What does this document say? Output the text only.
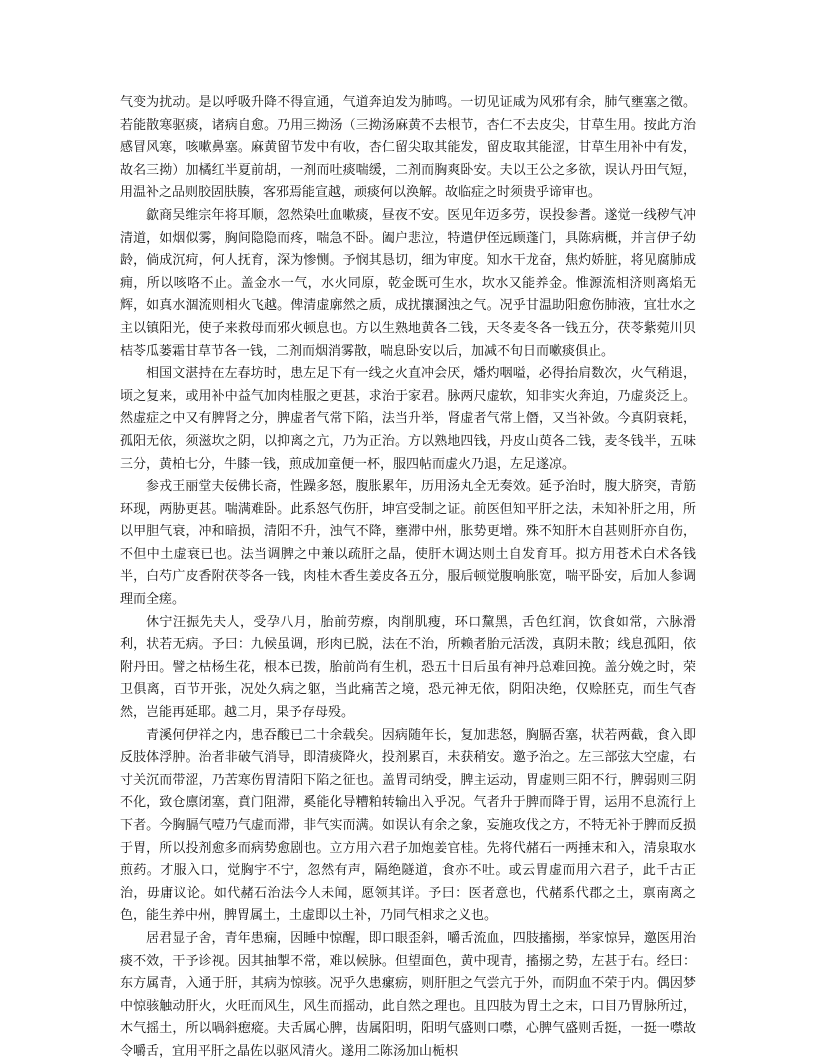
气变为扰动。是以呼吸升降不得宣通，气道奔迫发为肺鸣。一切见证咸为风邪有余，肺气壅塞之徵。若能散寒驱痰，诸病自愈。乃用三拗汤（三拗汤麻黄不去根节，杏仁不去皮尖，甘草生用。按此方治感冒风寒，咳嗽鼻塞。麻黄留节发中有收，杏仁留尖取其能发，留皮取其能涩，甘草生用补中有发，故名三拗）加橘红半夏前胡，一剂而吐痰喘缓，二剂而胸爽卧安。夫以王公之多欲，误认丹田气短，用温补之品则胶固肤腠，客邪焉能宣越，顽痰何以涣解。故临症之时须贵乎谛审也。

歙商吴维宗年将耳顺，忽然染吐血嗽痰，昼夜不安。医见年迈多劳，误投参耆。遂觉一线秽气冲清道，如烟似雾，胸间隐隐而疼，喘急不卧。阖户悲泣，特遣伊侄远顾蓬门，具陈病概，并言伊子幼龄，倘成沉疴，何人抚育，深为惨恻。予悯其恳切，细为审度。知水干龙奋，焦灼娇脏，将见腐肺成痈，所以咳咯不止。盖金水一气，水火同原，乾金既可生水，坎水又能养金。惟源流相济则离焰无辉，如真水涸流则相火飞越。俾清虚廓然之质，成扰攘溷浊之气。况乎甘温助阳愈伤肺液，宜壮水之主以镇阳光，使子来救母而邪火顿息也。方以生熟地黄各二钱，天冬麦冬各一钱五分，茯苓紫菀川贝桔苓瓜蒌霜甘草节各一钱，二剂而烟消雾散，喘息卧安以后，加减不旬日而嗽痰俱止。

相国文湛持在左春坊时，患左足下有一线之火直冲会厌，燔灼咽嗌，必得抬肩数次，火气稍退，顷之复来，或用补中益气加肉桂服之更甚，求治于家君。脉两尺虚软，知非实火奔迫，乃虚炎泛上。然虚症之中又有脾肾之分，脾虚者气常下陷，法当升举，肾虚者气常上僭，又当补敛。今真阴衰耗，孤阳无依，须滋坎之阴，以抑离之亢，乃为正治。方以熟地四钱，丹皮山萸各二钱，麦冬钱半，五味三分，黄柏七分，牛膝一钱，煎成加童便一杯，服四帖而虚火乃退，左足遂凉。

参戎王丽堂夫佞佛长斋，性躁多怒，腹胀累年，历用汤丸全无奏效。延予治时，腹大脐突，青筋环现，两胁更甚。喘满难卧。此系怒气伤肝，坤宫受制之证。前医但知平肝之法，未知补肝之用，所以甲胆气衰，冲和暗损，清阳不升，浊气不降，壅滞中州，胀势更增。殊不知肝木自甚则肝亦自伤，不但中土虚衰已也。法当调脾之中兼以疏肝之晶，使肝木调达则土自发育耳。拟方用苍术白术各钱半，白芍广皮香附茯苓各一钱，肉桂木香生姜皮各五分，服后顿觉腹响胀宽，喘平卧安，后加人参调理而全瘥。

休宁汪振先夫人，受孕八月，胎前劳瘵，肉削肌瘦，环口黧黑，舌色红润，饮食如常，六脉滑利，状若无病。予曰：九候虽调，形肉已脱，法在不治，所赖者胎元活泼，真阴未散；线息孤阳，依附丹田。譬之枯杨生花，根本已拨，胎前尚有生机，恐五十日后虽有神丹总难回挽。盖分娩之时，荣卫俱离，百节开张，况处久病之躯，当此痛苦之境，恐元神无依，阴阳决绝，仅赊胚克，而生气杳然，岂能再延耶。越二月，果予存母殁。

青溪何伊祥之内，患吞酸已二十余载矣。因病随年长，复加悲怒，胸膈否塞，状若两截，食入即反肢体浮肿。治者非破气消导，即清痰降火，投剂累百，未获稍安。邀予治之。左三部弦大空虚，右寸关沉而带涩，乃苦寒伤胃清阳下陷之征也。盖胃司纳受，脾主运动，胃虚则三阳不行，脾弱则三阴不化，致仓廪闭塞，賁门阻滞，奚能化导糟粕转输出入乎况。气者升于脾而降于胃，运用不息流行上下者。今胸膈气噎乃气虚而滞，非气实而满。如误认有余之象，妄施攻伐之方，不特无补于脾而反损于胃，所以投剂愈多而病势愈剧也。立方用六君子加炮姜官桂。先将代赭石一两捶末和入，清泉取水煎药。才服入口，觉胸宇不宁，忽然有声，隔绝隧道，食亦不吐。或云胃虚而用六君子，此千古正治，毋庸议论。如代赭石治法今人未闻，愿领其详。予曰：医者意也，代赭系代郡之土，禀南离之色，能生养中州，脾胃属土，土虚即以土补，乃同气相求之义也。

居君显子舍，青年患痫，因睡中惊醒，即口眼歪斜，嚼舌流血，四肢搐搦，举家惊异，邀医用治痰不效，干予诊视。因其抽掣不常，难以候脉。但望面色，黄中现青，搐搦之势，左甚于右。经曰：东方属青，入通于肝，其病为惊骇。况乎久患瘰疬，则肝胆之气尝亢于外，而阴血不荣于内。偶因梦中惊骇触动肝火，火旺而风生，风生而摇动，此自然之理也。且四肢为胃土之末，口目乃胃脉所过，木气摇土，所以喎斜瘛瘲。夫舌属心脾，齿属阳明，阳明气盛则口噤，心脾气盛则舌挺，一挺一噤故令嚼舌，宜用平肝之晶佐以驱风清火。遂用二陈汤加山栀枳
